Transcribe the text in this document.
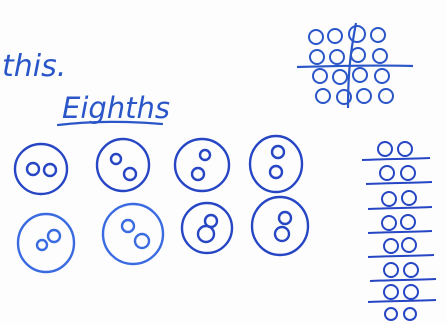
this.
Eighths
